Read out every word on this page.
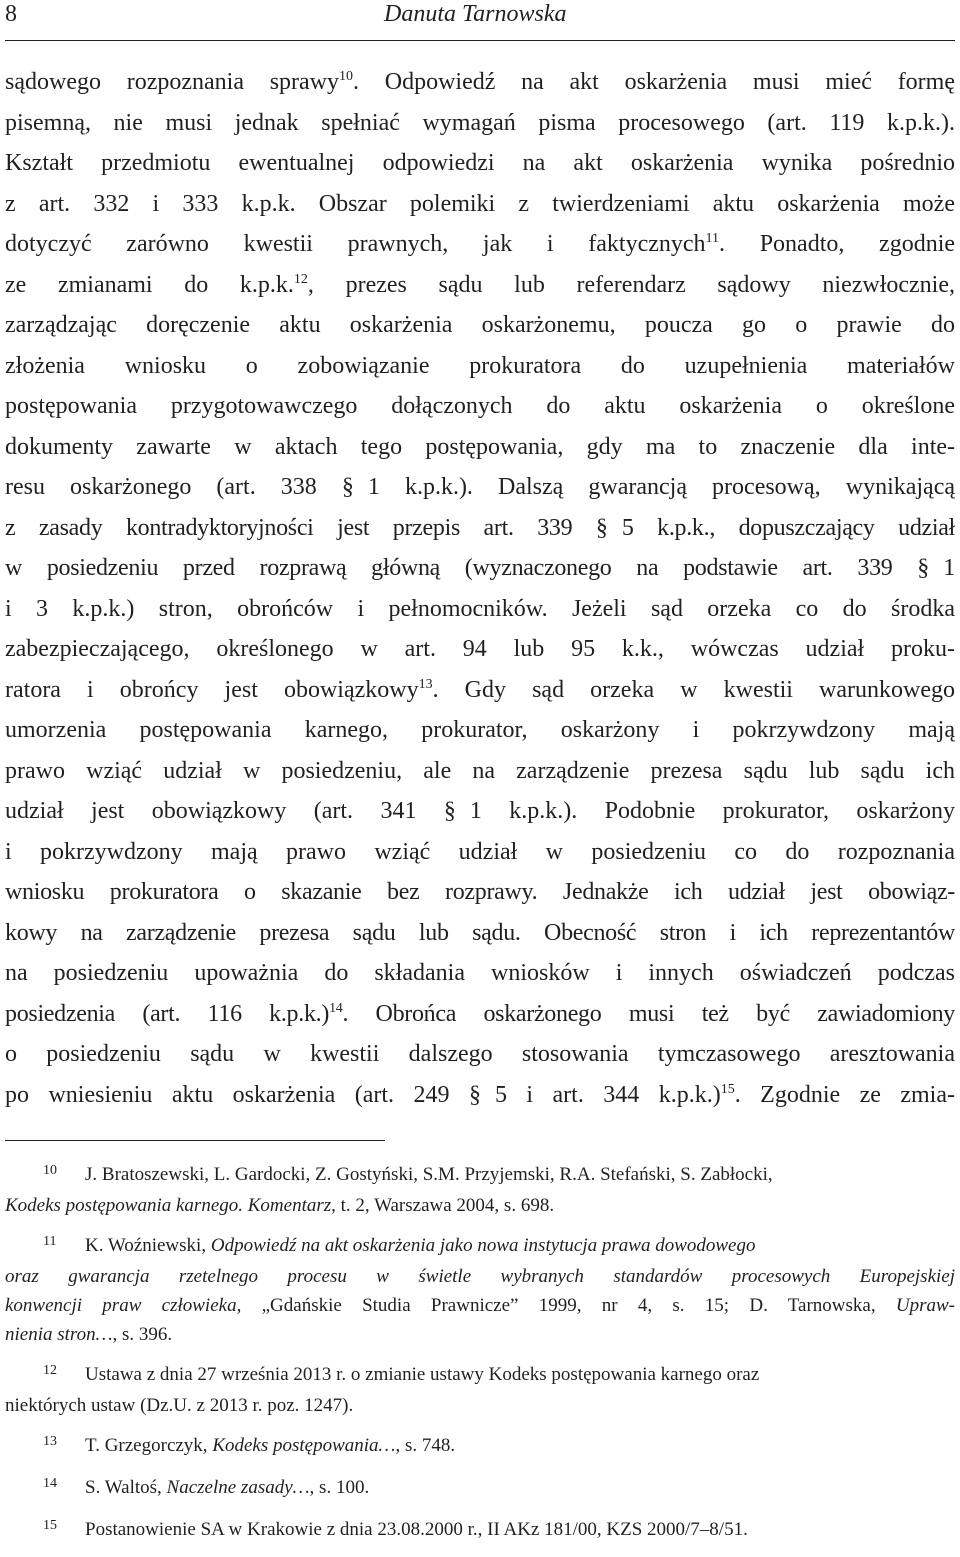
8	Danuta Tarnowska
sądowego rozpoznania sprawy$^{10}$. Odpowiedź na akt oskarżenia musi mieć formę
pisemną, nie musi jednak spełniać wymagań pisma procesowego (art. 119 k.p.k.).
Kształt przedmiotu ewentualnej odpowiedzi na akt oskarżenia wynika pośrednio
z art. 332 i 333 k.p.k. Obszar polemiki z twierdzeniami aktu oskarżenia może
dotyczyć zarówno kwestii prawnych, jak i faktycznych$^{11}$. Ponadto, zgodnie
ze zmianami do k.p.k.$^{12}$, prezes sądu lub referendarz sądowy niezwłocznie,
zarządzając doręczenie aktu oskarżenia oskarżonemu, poucza go o prawie do
złożenia wniosku o zobowiązanie prokuratora do uzupełnienia materiałów
postępowania przygotowawczego dołączonych do aktu oskarżenia o określone
dokumenty zawarte w aktach tego postępowania, gdy ma to znaczenie dla inte-
resu oskarżonego (art. 338 § 1 k.p.k.). Dalszą gwarancją procesową, wynikającą
z zasady kontradyktoryjności jest przepis art. 339 § 5 k.p.k., dopuszczający udział
w posiedzeniu przed rozprawą główną (wyznaczonego na podstawie art. 339 § 1
i 3 k.p.k.) stron, obrońców i pełnomocników. Jeżeli sąd orzeka co do środka
zabezpieczającego, określonego w art. 94 lub 95 k.k., wówczas udział proku-
ratora i obrońcy jest obowiązkowy$^{13}$. Gdy sąd orzeka w kwestii warunkowego
umorzenia postępowania karnego, prokurator, oskarżony i pokrzywdzony mają
prawo wziąć udział w posiedzeniu, ale na zarządzenie prezesa sądu lub sądu ich
udział jest obowiązkowy (art. 341 § 1 k.p.k.). Podobnie prokurator, oskarżony
i pokrzywdzony mają prawo wziąć udział w posiedzeniu co do rozpoznania
wniosku prokuratora o skazanie bez rozprawy. Jednakże ich udział jest obowiąz-
kowy na zarządzenie prezesa sądu lub sądu. Obecność stron i ich reprezentantów
na posiedzeniu upoważnia do składania wniosków i innych oświadczeń podczas
posiedzenia (art. 116 k.p.k.)$^{14}$. Obrońca oskarżonego musi też być zawiadomiony
o posiedzeniu sądu w kwestii dalszego stosowania tymczasowego aresztowania
po wniesieniu aktu oskarżenia (art. 249 § 5 i art. 344 k.p.k.)$^{15}$. Zgodnie ze zmia-
10 J. Bratoszewski, L. Gardocki, Z. Gostyński, S.M. Przyjemski, R.A. Stefański, S. Zabłocki,
Kodeks postępowania karnego. Komentarz, t. 2, Warszawa 2004, s. 698.
11 K. Woźniewski, Odpowiedź na akt oskarżenia jako nowa instytucja prawa dowodowego
oraz gwarancja rzetelnego procesu w świetle wybranych standardów procesowych Europejskiej
konwencji praw człowieka, „Gdańskie Studia Prawnicze” 1999, nr 4, s. 15; D. Tarnowska, Upraw-
nienia stron…, s. 396.
12 Ustawa z dnia 27 września 2013 r. o zmianie ustawy Kodeks postępowania karnego oraz
niektórych ustaw (Dz.U. z 2013 r. poz. 1247).
13 T. Grzegorczyk, Kodeks postępowania…, s. 748.
14 S. Waltoś, Naczelne zasady…, s. 100.
15 Postanowienie SA w Krakowie z dnia 23.08.2000 r., II AKz 181/00, KZS 2000/7–8/51.
